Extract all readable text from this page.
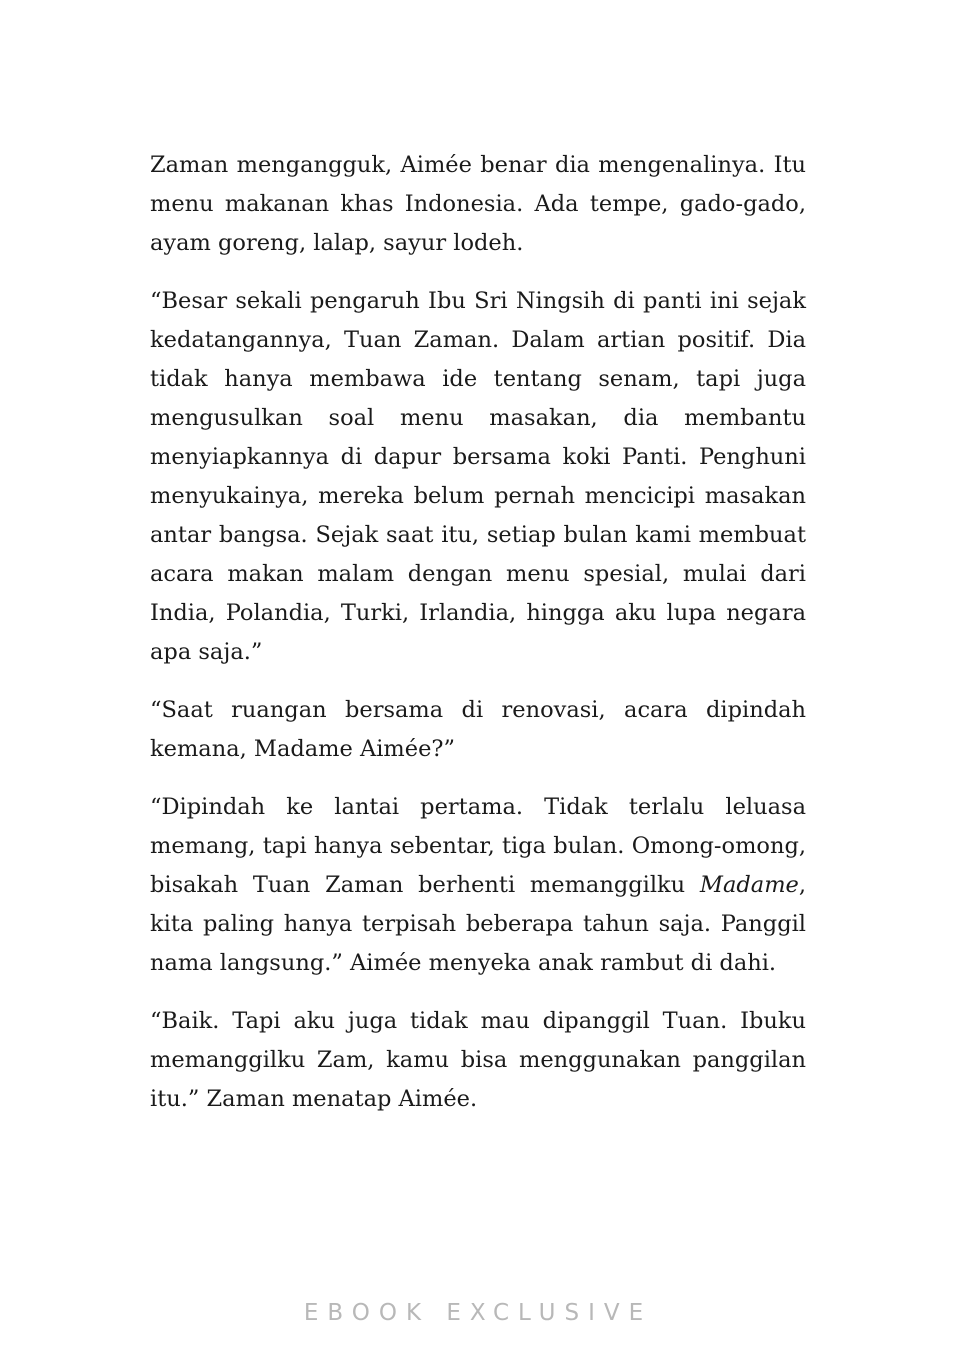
Zaman mengangguk, Aimée benar dia mengenalinya. Itu menu makanan khas Indonesia. Ada tempe, gado-gado, ayam goreng, lalap, sayur lodeh.

“Besar sekali pengaruh Ibu Sri Ningsih di panti ini sejak kedatangannya, Tuan Zaman. Dalam artian positif. Dia tidak hanya membawa ide tentang senam, tapi juga mengusulkan soal menu masakan, dia membantu menyiapkannya di dapur bersama koki Panti. Penghuni menyukainya, mereka belum pernah mencicipi masakan antar bangsa. Sejak saat itu, setiap bulan kami membuat acara makan malam dengan menu spesial, mulai dari India, Polandia, Turki, Irlandia, hingga aku lupa negara apa saja.”

“Saat ruangan bersama di renovasi, acara dipindah kemana, Madame Aimée?”

“Dipindah ke lantai pertama. Tidak terlalu leluasa memang, tapi hanya sebentar, tiga bulan. Omong-omong, bisakah Tuan Zaman berhenti memanggilku Madame, kita paling hanya terpisah beberapa tahun saja. Panggil nama langsung.” Aimée menyeka anak rambut di dahi.

“Baik. Tapi aku juga tidak mau dipanggil Tuan. Ibuku memanggilku Zam, kamu bisa menggunakan panggilan itu.” Zaman menatap Aimée.

EBOOK EXCLUSIVE
